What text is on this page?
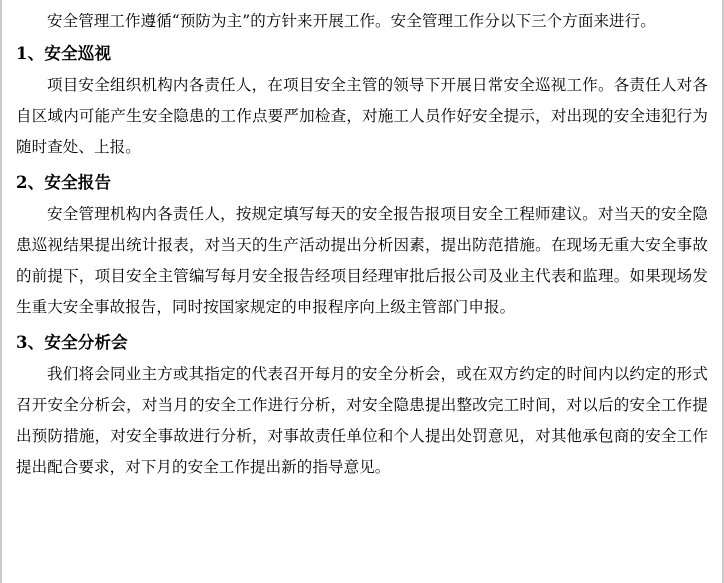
安全管理工作遵循“预防为主”的方针来开展工作。安全管理工作分以下三个方面来进行。

1、安全巡视

项目安全组织机构内各责任人，在项目安全主管的领导下开展日常安全巡视工作。各责任人对各自区域内可能产生安全隐患的工作点要严加检查，对施工人员作好安全提示，对出现的安全违犯行为随时查处、上报。

2、安全报告

安全管理机构内各责任人，按规定填写每天的安全报告报项目安全工程师建议。对当天的安全隐患巡视结果提出统计报表，对当天的生产活动提出分析因素，提出防范措施。在现场无重大安全事故的前提下，项目安全主管编写每月安全报告经项目经理审批后报公司及业主代表和监理。如果现场发生重大安全事故报告，同时按国家规定的申报程序向上级主管部门申报。

3、安全分析会

我们将会同业主方或其指定的代表召开每月的安全分析会，或在双方约定的时间内以约定的形式召开安全分析会，对当月的安全工作进行分析，对安全隐患提出整改完工时间，对以后的安全工作提出预防措施，对安全事故进行分析，对事故责任单位和个人提出处罚意见，对其他承包商的安全工作提出配合要求，对下月的安全工作提出新的指导意见。
